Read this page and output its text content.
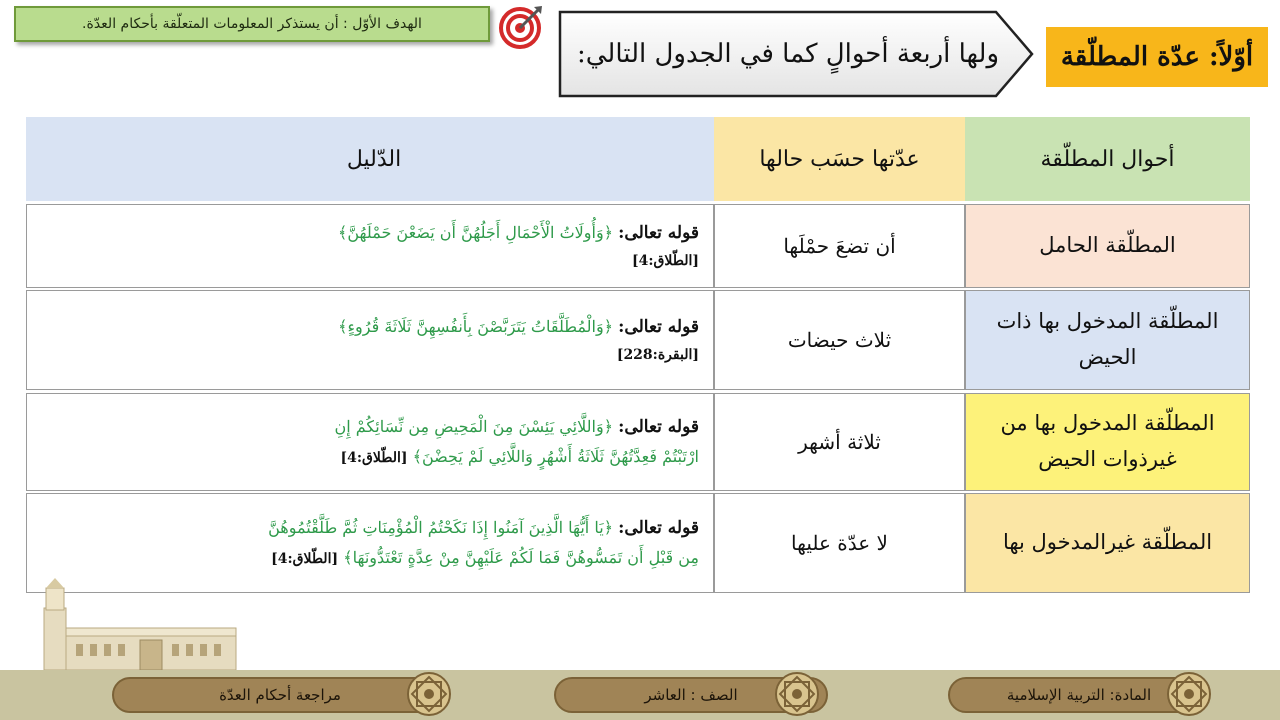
الهدف الأوّل : أن يستذكر المعلومات المتعلّقة بأحكام العدّة.
ولها أربعة أحوالٍ كما في الجدول التالي:	أوّلاً: عدّة المطلّقة
أحوال المطلّقة
عدّتها حسَب حالها
الدّليل
المطلّقة الحامل
أن تضعَ حمْلَها
قوله تعالى: ﴿وَأُولَاتُ الْأَحْمَالِ أَجَلُهُنَّ أَن يَضَعْنَ حَمْلَهُنَّ﴾
[الطّلاق:4]
المطلّقة المدخول بها ذات الحيض
ثلاث حيضات
قوله تعالى: ﴿وَالْمُطَلَّقَاتُ يَتَرَبَّصْنَ بِأَنفُسِهِنَّ ثَلَاثَةَ قُرُوءٍ﴾
[البقرة:228]
المطلّقة المدخول بها من غيرذوات الحيض
ثلاثة أشهر
قوله تعالى: ﴿وَاللَّائِي يَئِسْنَ مِنَ الْمَحِيضِ مِن نِّسَائِكُمْ إِنِ
ارْتَبْتُمْ فَعِدَّتُهُنَّ ثَلَاثَةُ أَشْهُرٍ وَاللَّائِي لَمْ يَحِضْنَ﴾ [الطّلاق:4]
المطلّقة غيرالمدخول بها
لا عدّة عليها
قوله تعالى: ﴿يَا أَيُّهَا الَّذِينَ آمَنُوا إِذَا نَكَحْتُمُ الْمُؤْمِنَاتِ ثُمَّ طَلَّقْتُمُوهُنَّ
مِن قَبْلِ أَن تَمَسُّوهُنَّ فَمَا لَكُمْ عَلَيْهِنَّ مِنْ عِدَّةٍ تَعْتَدُّونَهَا﴾ [الطّلاق:4]
المادة: التربية الإسلامية
الصف : العاشر
مراجعة أحكام العدّة
